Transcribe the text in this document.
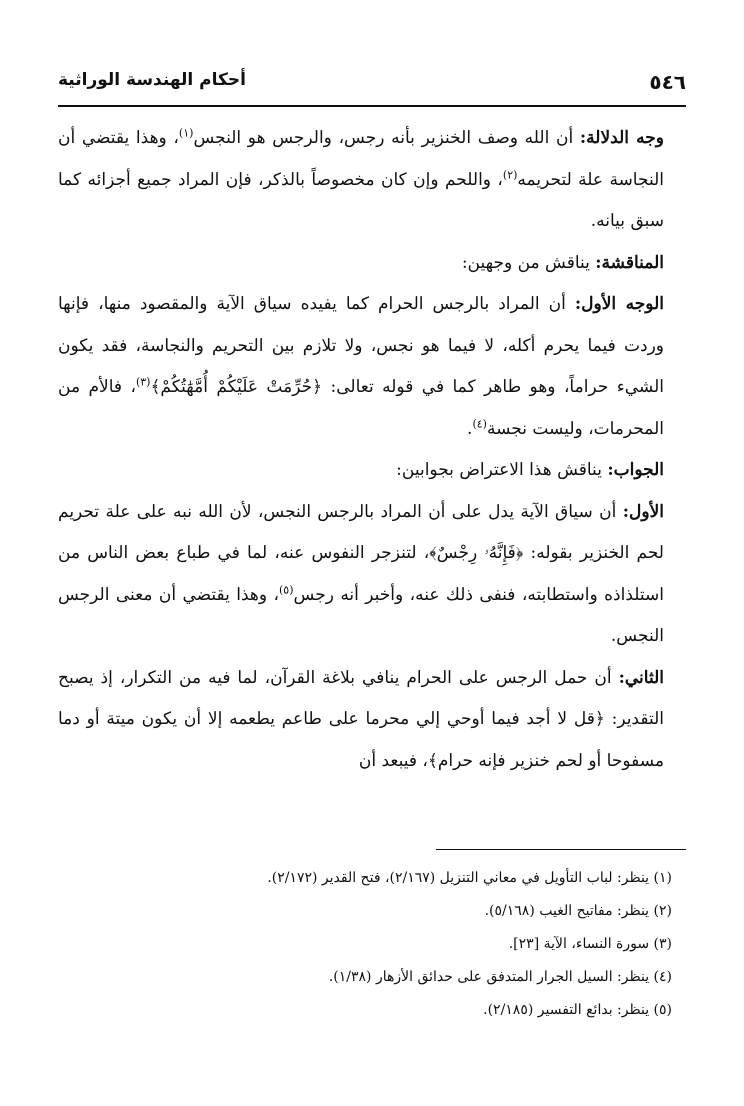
٥٤٦
أحكام الهندسة الوراثية

وجه الدلالة: أن الله وصف الخنزير بأنه رجس، والرجس هو النجس$^{(١)}$، وهذا يقتضي أن النجاسة علة لتحريمه$^{(٢)}$، واللحم وإن كان مخصوصاً بالذكر، فإن المراد جميع أجزائه كما سبق بيانه.

المناقشة: يناقش من وجهين:

الوجه الأول: أن المراد بالرجس الحرام كما يفيده سياق الآية والمقصود منها، فإنها وردت فيما يحرم أكله، لا فيما هو نجس، ولا تلازم بين التحريم والنجاسة، فقد يكون الشيء حراماً، وهو طاهر كما في قوله تعالى: ﴿حُرِّمَتْ عَلَيْكُمْ أُمَّهَٰتُكُمْ﴾$^{(٣)}$، فالأم من المحرمات، وليست نجسة$^{(٤)}$.

الجواب: يناقش هذا الاعتراض بجوابين:

الأول: أن سياق الآية يدل على أن المراد بالرجس النجس، لأن الله نبه على علة تحريم لحم الخنزير بقوله: ﴿فَإِنَّهُۥ رِجْسٌ﴾، لتنزجر النفوس عنه، لما في طباع بعض الناس من استلذاذه واستطابته، فنفى ذلك عنه، وأخبر أنه رجس$^{(٥)}$، وهذا يقتضي أن معنى الرجس النجس.

الثاني: أن حمل الرجس على الحرام ينافي بلاغة القرآن، لما فيه من التكرار، إذ يصبح التقدير: ﴿قل لا أجد فيما أوحي إلي محرما على طاعم يطعمه إلا أن يكون ميتة أو دما مسفوحا أو لحم خنزير فإنه حرام﴾، فيبعد أن

(١) ينظر: لباب التأويل في معاني التنزيل (٢/١٦٧)، فتح القدير (٢/١٧٢).

(٢) ينظر: مفاتيح الغيب (٥/١٦٨).

(٣) سورة النساء، الآية [٢٣].

(٤) ينظر: السيل الجرار المتدفق على حدائق الأزهار (١/٣٨).

(٥) ينظر: بدائع التفسير (٢/١٨٥).
